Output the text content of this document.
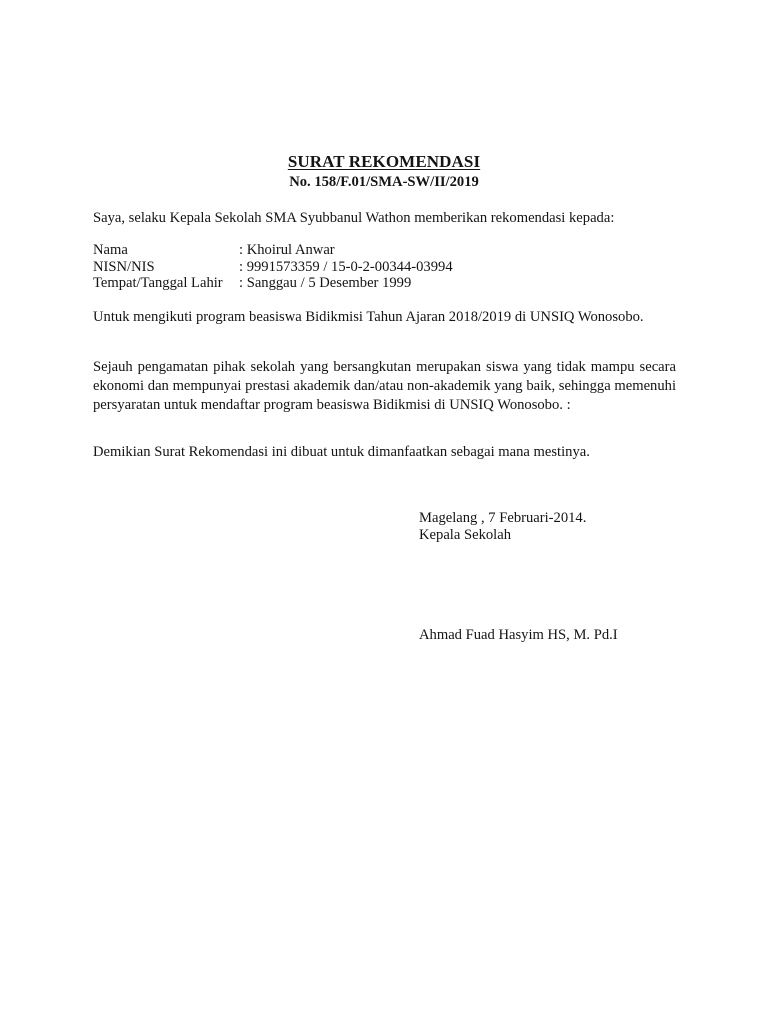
SURAT REKOMENDASI
No. 158/F.01/SMA-SW/II/2019

Saya, selaku Kepala Sekolah SMA Syubbanul Wathon memberikan rekomendasi kepada:

Nama	: Khoirul Anwar
NISN/NIS	: 9991573359 / 15-0-2-00344-03994
Tempat/Tanggal Lahir	: Sanggau / 5 Desember 1999

Untuk mengikuti program beasiswa Bidikmisi Tahun Ajaran 2018/2019 di UNSIQ Wonosobo.

Sejauh pengamatan pihak sekolah yang bersangkutan merupakan siswa yang tidak mampu secara ekonomi dan mempunyai prestasi akademik dan/atau non-akademik yang baik, sehingga memenuhi persyaratan untuk mendaftar program beasiswa Bidikmisi di UNSIQ Wonosobo. :

Demikian Surat Rekomendasi ini dibuat untuk dimanfaatkan sebagai mana mestinya.

Magelang , 7 Februari-2014.
Kepala Sekolah
Ahmad Fuad Hasyim HS, M. Pd.I
